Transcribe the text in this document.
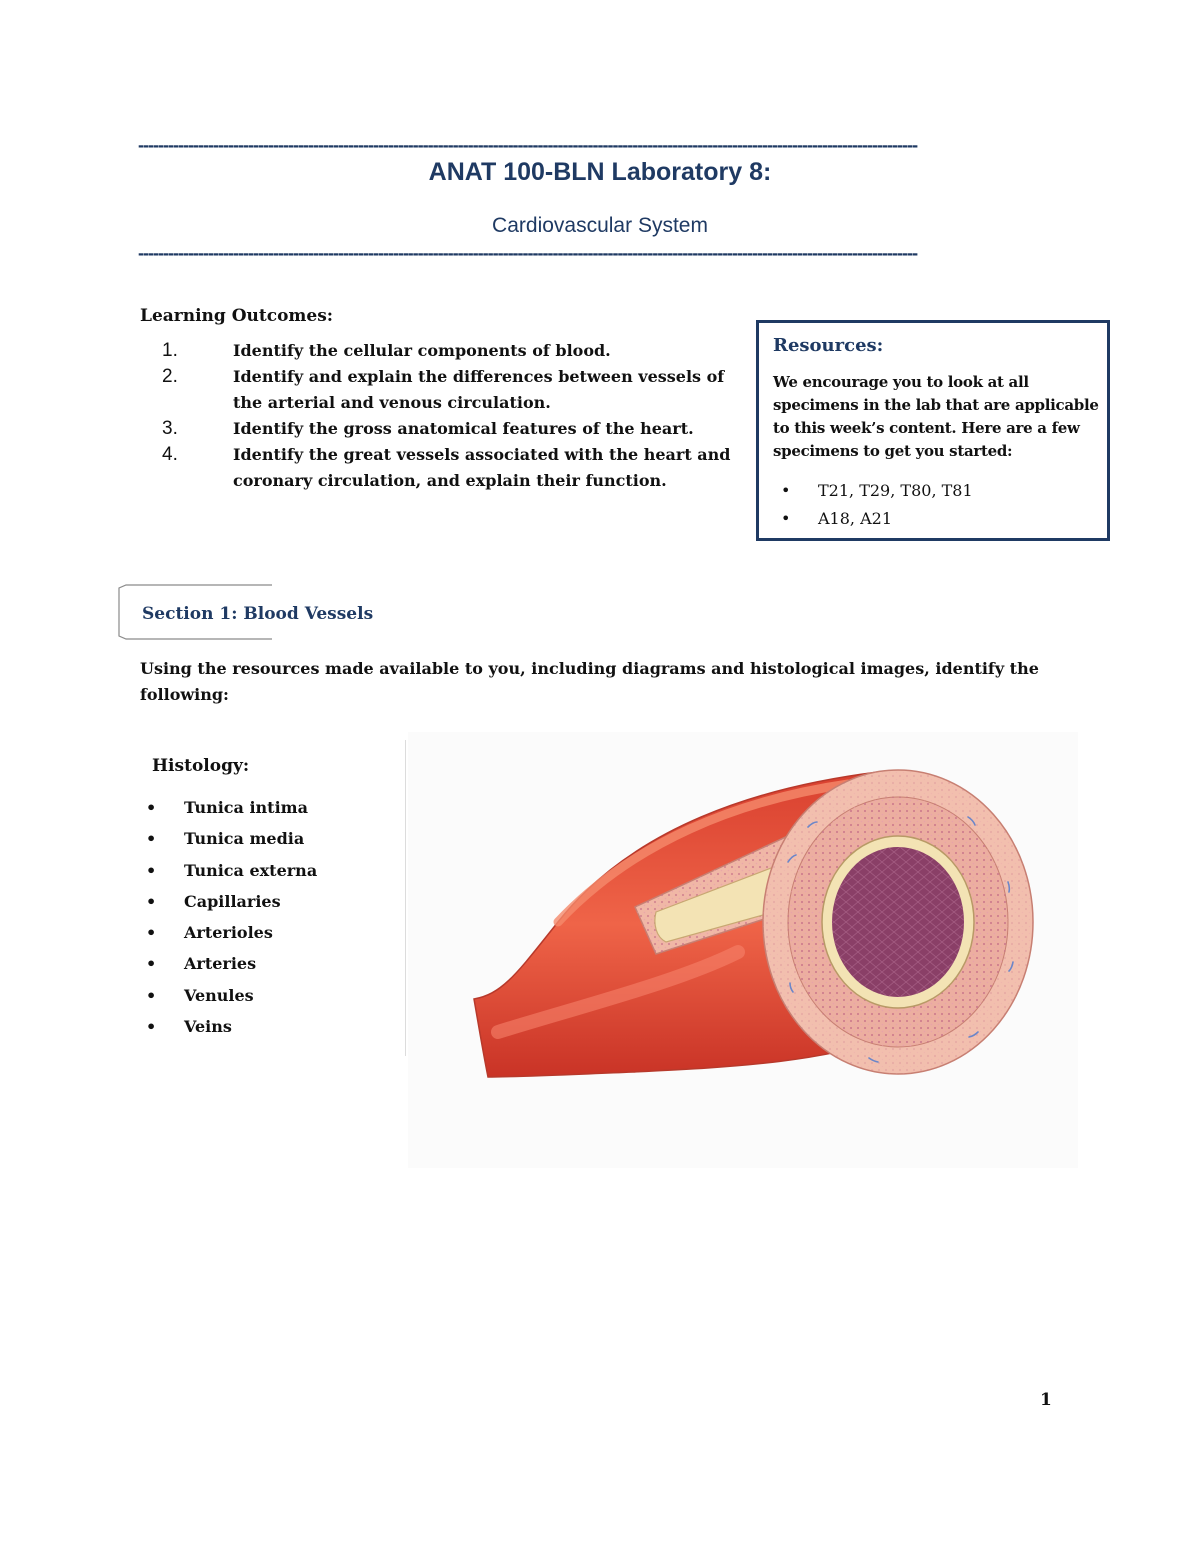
------------------------------------------------------------------------------------------------------------------------------------------------------------
ANAT 100-BLN Laboratory 8:
Cardiovascular System
------------------------------------------------------------------------------------------------------------------------------------------------------------
Learning Outcomes:
1.	Identify the cellular components of blood.
2.	Identify and explain the differences between vessels of the arterial and venous circulation.
3.	Identify the gross anatomical features of the heart.
4.	Identify the great vessels associated with the heart and coronary circulation, and explain their function.
Resources:
We encourage you to look at all specimens in the lab that are applicable to this week’s content. Here are a few specimens to get you started:
• T21, T29, T80, T81
• A18, A21
Section 1: Blood Vessels
Using the resources made available to you, including diagrams and histological images, identify the following:
Histology:
• Tunica intima
• Tunica media
• Tunica externa
• Capillaries
• Arterioles
• Arteries
• Venules
• Veins
1
